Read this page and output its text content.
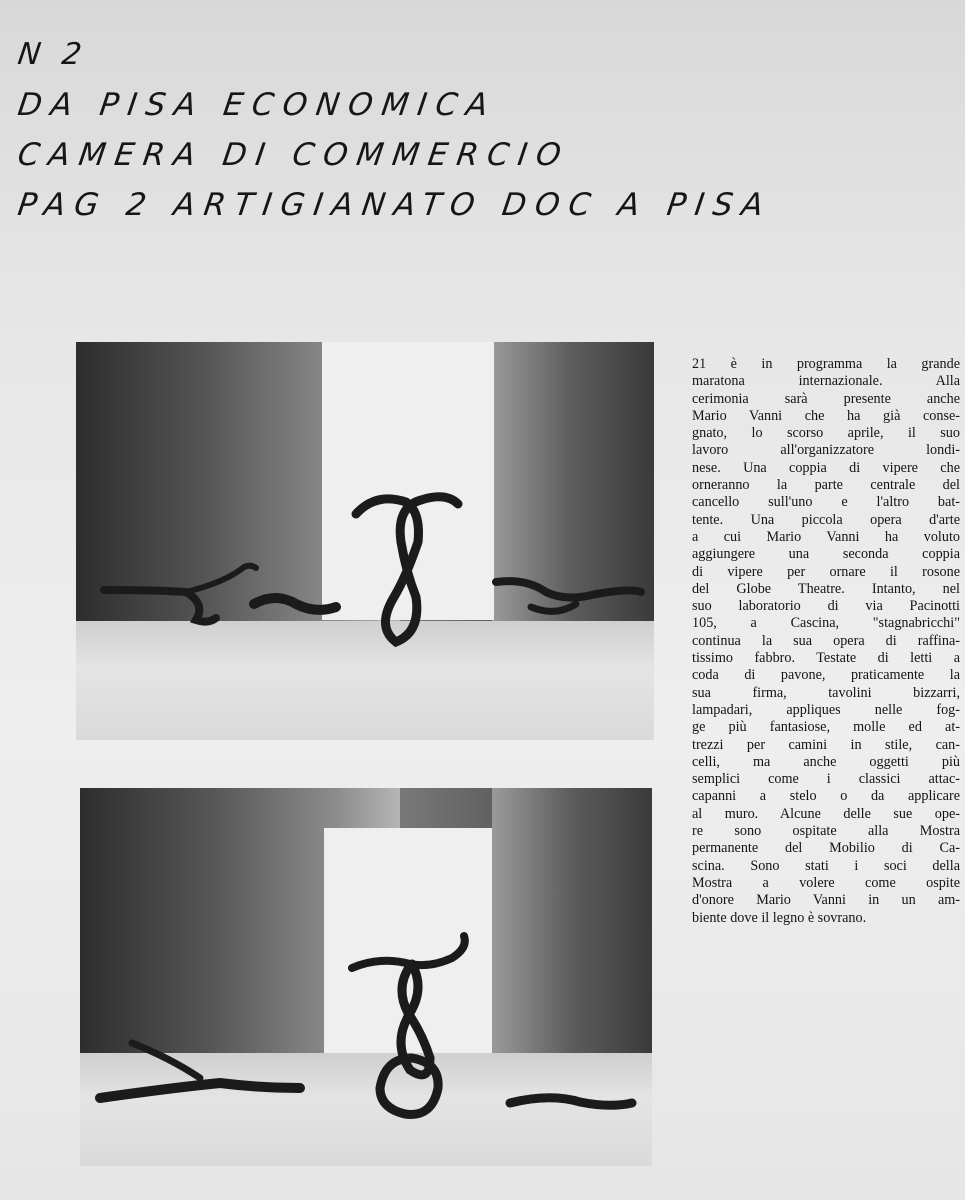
N 2
DA PISA ECONOMICA
CAMERA DI COMMERCIO
PAG 2 ARTIGIANATO DOC A PISA
21 è in programma la grande
maratona internazionale. Alla
cerimonia sarà presente anche
Mario Vanni che ha già conse-
gnato, lo scorso aprile, il suo
lavoro all'organizzatore londi-
nese. Una coppia di vipere che
orneranno la parte centrale del
cancello sull'uno e l'altro bat-
tente. Una piccola opera d'arte
a cui Mario Vanni ha voluto
aggiungere una seconda coppia
di vipere per ornare il rosone
del Globe Theatre. Intanto, nel
suo laboratorio di via Pacinotti
105, a Cascina, "stagnabricchi"
continua la sua opera di raffina-
tissimo fabbro. Testate di letti a
coda di pavone, praticamente la
sua firma, tavolini bizzarri,
lampadari, appliques nelle fog-
ge più fantasiose, molle ed at-
trezzi per camini in stile, can-
celli, ma anche oggetti più
semplici come i classici attac-
capanni a stelo o da applicare
al muro. Alcune delle sue ope-
re sono ospitate alla Mostra
permanente del Mobilio di Ca-
scina. Sono stati i soci della
Mostra a volere come ospite
d'onore Mario Vanni in un am-
biente dove il legno è sovrano.
